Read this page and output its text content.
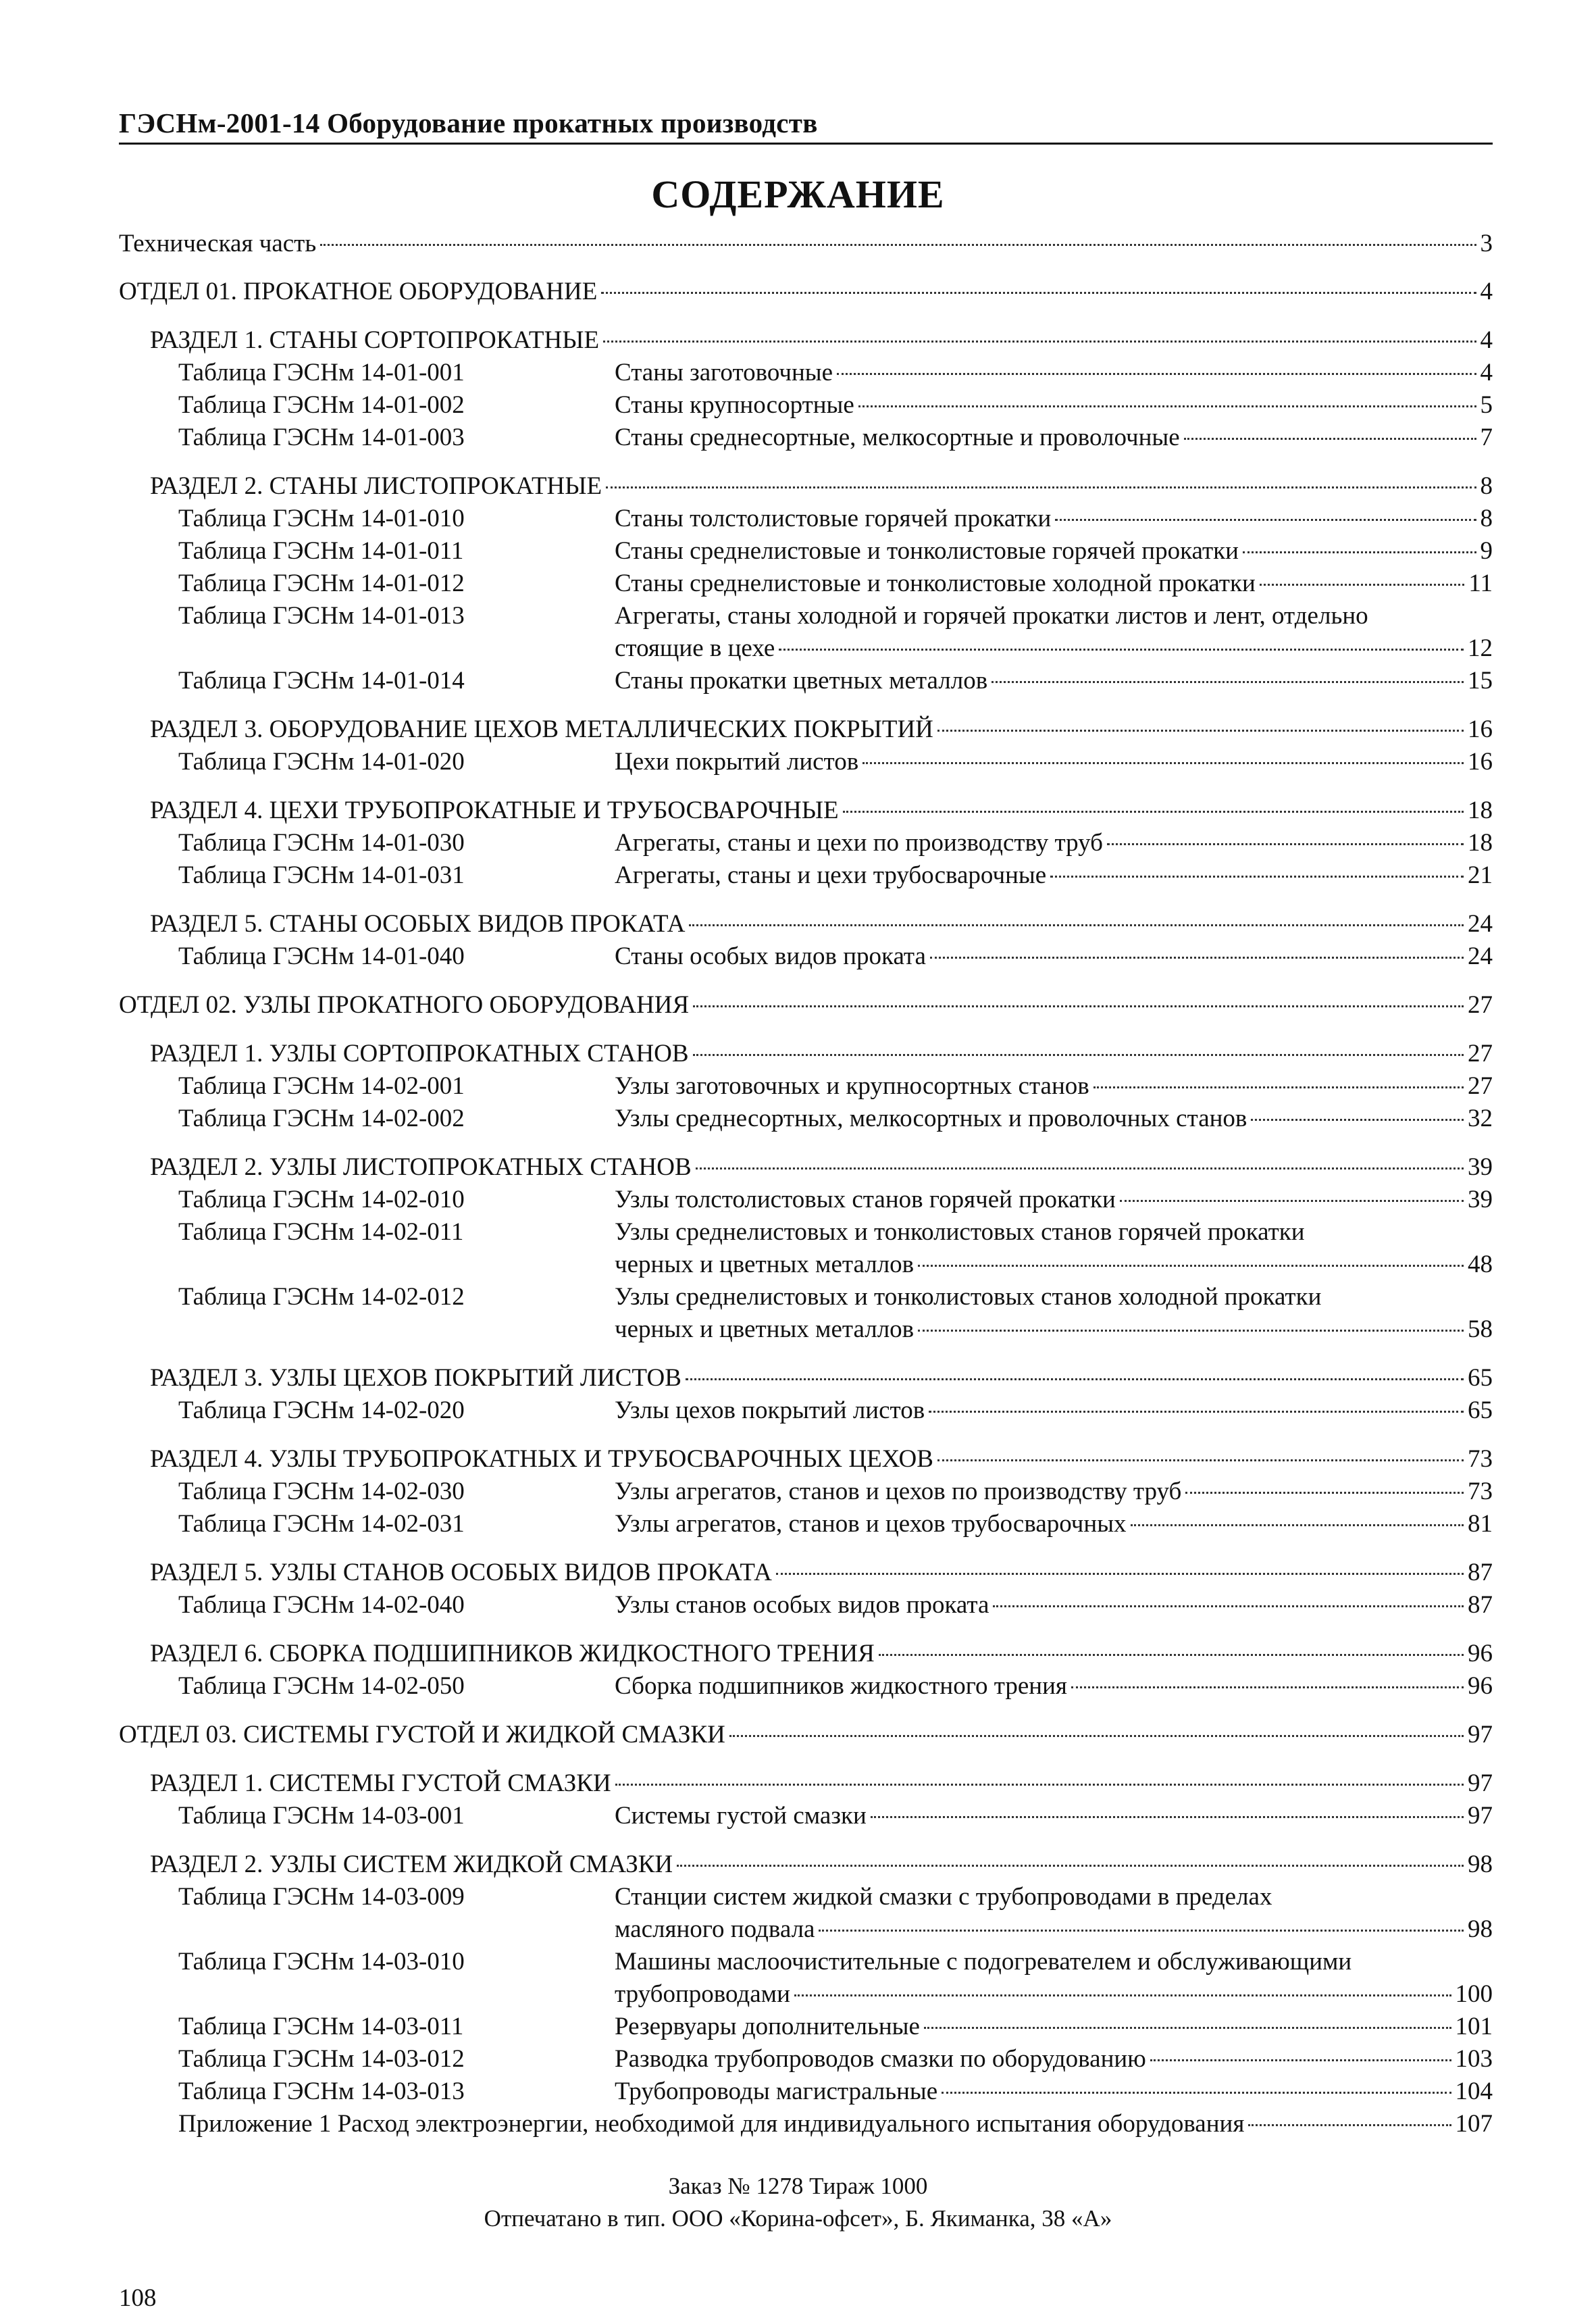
ГЭСНм-2001-14 Оборудование прокатных производств
СОДЕРЖАНИЕ
Техническая часть	3
ОТДЕЛ 01. ПРОКАТНОЕ ОБОРУДОВАНИЕ	4
РАЗДЕЛ 1. СТАНЫ СОРТОПРОКАТНЫЕ	4
Таблица ГЭСНм 14-01-001	Станы заготовочные	4
Таблица ГЭСНм 14-01-002	Станы крупносортные	5
Таблица ГЭСНм 14-01-003	Станы среднесортные, мелкосортные и проволочные	7
РАЗДЕЛ 2. СТАНЫ ЛИСТОПРОКАТНЫЕ	8
Таблица ГЭСНм 14-01-010	Станы толстолистовые горячей прокатки	8
Таблица ГЭСНм 14-01-011	Станы среднелистовые и тонколистовые горячей прокатки	9
Таблица ГЭСНм 14-01-012	Станы среднелистовые и тонколистовые холодной прокатки	11
Таблица ГЭСНм 14-01-013	Агрегаты, станы холодной и горячей прокатки листов и лент, отдельно
стоящие в цехе	12
Таблица ГЭСНм 14-01-014	Станы прокатки цветных металлов	15
РАЗДЕЛ 3. ОБОРУДОВАНИЕ ЦЕХОВ МЕТАЛЛИЧЕСКИХ ПОКРЫТИЙ	16
Таблица ГЭСНм 14-01-020	Цехи покрытий листов	16
РАЗДЕЛ 4. ЦЕХИ ТРУБОПРОКАТНЫЕ И ТРУБОСВАРОЧНЫЕ	18
Таблица ГЭСНм 14-01-030	Агрегаты, станы и цехи по производству труб	18
Таблица ГЭСНм 14-01-031	Агрегаты, станы и цехи трубосварочные	21
РАЗДЕЛ 5. СТАНЫ ОСОБЫХ ВИДОВ ПРОКАТА	24
Таблица ГЭСНм 14-01-040	Станы особых видов проката	24
ОТДЕЛ 02. УЗЛЫ ПРОКАТНОГО ОБОРУДОВАНИЯ	27
РАЗДЕЛ 1. УЗЛЫ СОРТОПРОКАТНЫХ СТАНОВ	27
Таблица ГЭСНм 14-02-001	Узлы заготовочных и крупносортных станов	27
Таблица ГЭСНм 14-02-002	Узлы среднесортных, мелкосортных и проволочных станов	32
РАЗДЕЛ 2. УЗЛЫ ЛИСТОПРОКАТНЫХ СТАНОВ	39
Таблица ГЭСНм 14-02-010	Узлы толстолистовых станов горячей прокатки	39
Таблица ГЭСНм 14-02-011	Узлы среднелистовых и тонколистовых станов горячей прокатки
черных и цветных металлов	48
Таблица ГЭСНм 14-02-012	Узлы среднелистовых и тонколистовых станов холодной прокатки
черных и цветных металлов	58
РАЗДЕЛ 3. УЗЛЫ ЦЕХОВ ПОКРЫТИЙ ЛИСТОВ	65
Таблица ГЭСНм 14-02-020	Узлы цехов покрытий листов	65
РАЗДЕЛ 4. УЗЛЫ ТРУБОПРОКАТНЫХ И ТРУБОСВАРОЧНЫХ ЦЕХОВ	73
Таблица ГЭСНм 14-02-030	Узлы агрегатов, станов и цехов по производству труб	73
Таблица ГЭСНм 14-02-031	Узлы агрегатов, станов и цехов трубосварочных	81
РАЗДЕЛ 5. УЗЛЫ СТАНОВ ОСОБЫХ ВИДОВ ПРОКАТА	87
Таблица ГЭСНм 14-02-040	Узлы станов особых видов проката	87
РАЗДЕЛ 6. СБОРКА ПОДШИПНИКОВ ЖИДКОСТНОГО ТРЕНИЯ	96
Таблица ГЭСНм 14-02-050	Сборка подшипников жидкостного трения	96
ОТДЕЛ 03. СИСТЕМЫ ГУСТОЙ И ЖИДКОЙ СМАЗКИ	97
РАЗДЕЛ 1. СИСТЕМЫ ГУСТОЙ СМАЗКИ	97
Таблица ГЭСНм 14-03-001	Системы густой смазки	97
РАЗДЕЛ 2. УЗЛЫ СИСТЕМ ЖИДКОЙ СМАЗКИ	98
Таблица ГЭСНм 14-03-009	Станции систем жидкой смазки с трубопроводами в пределах
масляного подвала	98
Таблица ГЭСНм 14-03-010	Машины маслоочистительные с подогревателем и обслуживающими
трубопроводами	100
Таблица ГЭСНм 14-03-011	Резервуары дополнительные	101
Таблица ГЭСНм 14-03-012	Разводка трубопроводов смазки по оборудованию	103
Таблица ГЭСНм 14-03-013	Трубопроводы магистральные	104
Приложение 1 Расход электроэнергии, необходимой для индивидуального испытания оборудования	107
Заказ № 1278 Тираж 1000
Отпечатано в тип. ООО «Корина-офсет», Б. Якиманка, 38 «А»
108
